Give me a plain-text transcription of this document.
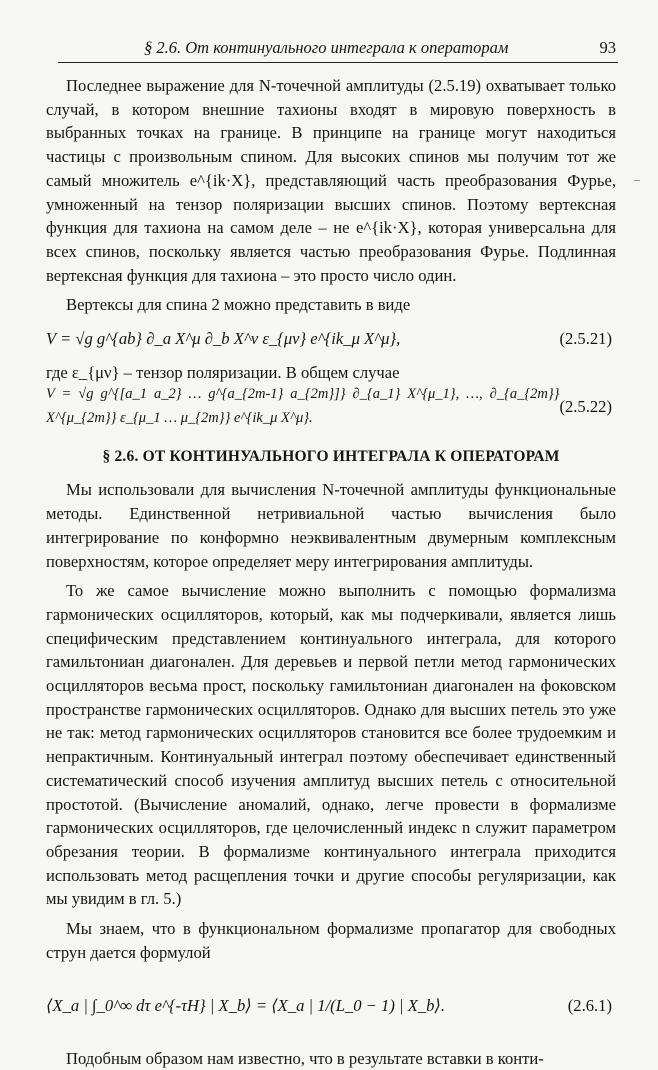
§ 2.6. От континуального интеграла к операторам	93

Последнее выражение для N-точечной амплитуды (2.5.19) охватывает только случай, в котором внешние тахионы входят в мировую поверхность в выбранных точках на границе. В принципе на границе могут находиться частицы с произвольным спином. Для высоких спинов мы получим тот же самый множитель e^{ik·X}, представляющий часть преобразования Фурье, умноженный на тензор поляризации высших спинов. Поэтому вертексная функция для тахиона на самом деле – не e^{ik·X}, которая универсальна для всех спинов, поскольку является частью преобразования Фурье. Подлинная вертексная функция для тахиона – это просто число один.

Вертексы для спина 2 можно представить в виде

V = √g g^{ab} ∂_a X^μ ∂_b X^ν ε_{μν} e^{ik_μ X^μ},	(2.5.21)

где ε_{μν} – тензор поляризации. В общем случае

V = √g g^{[a_1 a_2} … g^{a_{2m-1} a_{2m}]} ∂_{a_1} X^{μ_1}, …, ∂_{a_{2m}} X^{μ_{2m}} ε_{μ_1 … μ_{2m}} e^{ik_μ X^μ}.
(2.5.22)
§ 2.6. ОТ КОНТИНУАЛЬНОГО ИНТЕГРАЛА К ОПЕРАТОРАМ

Мы использовали для вычисления N-точечной амплитуды функциональные методы. Единственной нетривиальной частью вычисления было интегрирование по конформно неэквивалентным двумерным комплексным поверхностям, которое определяет меру интегрирования амплитуды.

То же самое вычисление можно выполнить с помощью формализма гармонических осцилляторов, который, как мы подчеркивали, является лишь специфическим представлением континуального интеграла, для которого гамильтониан диагонален. Для деревьев и первой петли метод гармонических осцилляторов весьма прост, поскольку гамильтониан диагонален на фоковском пространстве гармонических осцилляторов. Однако для высших петель это уже не так: метод гармонических осцилляторов становится все более трудоемким и непрактичным. Континуальный интеграл поэтому обеспечивает единственный систематический способ изучения амплитуд высших петель с относительной простотой. (Вычисление аномалий, однако, легче провести в формализме гармонических осцилляторов, где целочисленный индекс n служит параметром обрезания теории. В формализме континуального интеграла приходится использовать метод расщепления точки и другие способы регуляризации, как мы увидим в гл. 5.)

Мы знаем, что в функциональном формализме пропагатор для свободных струн дается формулой

⟨X_a | ∫_0^∞ dτ e^{-τH} | X_b⟩ = ⟨X_a | 1/(L_0 − 1) | X_b⟩.	(2.6.1)

Подобным образом нам известно, что в результате вставки в конти-
